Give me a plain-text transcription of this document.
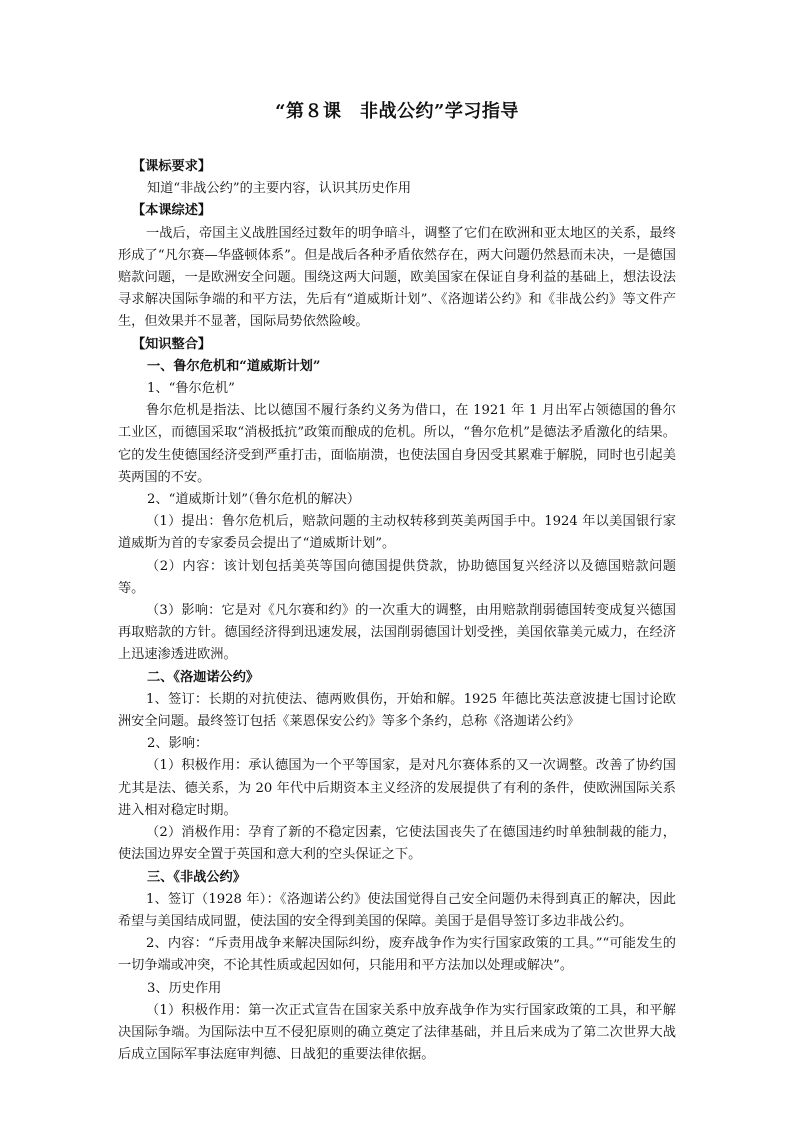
“第８课　非战公约”学习指导

【课标要求】

知道“非战公约”的主要内容，认识其历史作用

【本课综述】

一战后，帝国主义战胜国经过数年的明争暗斗，调整了它们在欧洲和亚太地区的关系，最终形成了“凡尔赛—华盛顿体系”。但是战后各种矛盾依然存在，两大问题仍然悬而未决，一是德国赔款问题，一是欧洲安全问题。围绕这两大问题，欧美国家在保证自身利益的基础上，想法设法寻求解决国际争端的和平方法，先后有“道威斯计划”、《洛迦诺公约》和《非战公约》等文件产生，但效果并不显著，国际局势依然险峻。

【知识整合】

一、鲁尔危机和“道威斯计划”

1、“鲁尔危机”

鲁尔危机是指法、比以德国不履行条约义务为借口，在 1921 年 1 月出军占领德国的鲁尔工业区，而德国采取“消极抵抗”政策而酿成的危机。所以，“鲁尔危机”是德法矛盾激化的结果。它的发生使德国经济受到严重打击，面临崩溃，也使法国自身因受其累难于解脱，同时也引起美英两国的不安。

2、“道威斯计划”（鲁尔危机的解决）

（1）提出：鲁尔危机后，赔款问题的主动权转移到英美两国手中。1924 年以美国银行家道威斯为首的专家委员会提出了“道威斯计划”。

（2）内容：该计划包括美英等国向德国提供贷款，协助德国复兴经济以及德国赔款问题等。

（3）影响：它是对《凡尔赛和约》的一次重大的调整，由用赔款削弱德国转变成复兴德国再取赔款的方针。德国经济得到迅速发展，法国削弱德国计划受挫，美国依靠美元威力，在经济上迅速渗透进欧洲。

二、《洛迦诺公约》

1、签订：长期的对抗使法、德两败俱伤，开始和解。1925 年德比英法意波捷七国讨论欧洲安全问题。最终签订包括《莱恩保安公约》等多个条约，总称《洛迦诺公约》

2、影响：

（1）积极作用：承认德国为一个平等国家，是对凡尔赛体系的又一次调整。改善了协约国尤其是法、德关系，为 20 年代中后期资本主义经济的发展提供了有利的条件，使欧洲国际关系进入相对稳定时期。

（2）消极作用：孕育了新的不稳定因素，它使法国丧失了在德国违约时单独制裁的能力，使法国边界安全置于英国和意大利的空头保证之下。

三、《非战公约》

1、签订（1928 年）：《洛迦诺公约》使法国觉得自己安全问题仍未得到真正的解决，因此希望与美国结成同盟，使法国的安全得到美国的保障。美国于是倡导签订多边非战公约。

2、内容：“斥责用战争来解决国际纠纷，废弃战争作为实行国家政策的工具。”“可能发生的一切争端或冲突，不论其性质或起因如何，只能用和平方法加以处理或解决”。

3、历史作用

（1）积极作用：第一次正式宣告在国家关系中放弃战争作为实行国家政策的工具，和平解决国际争端。为国际法中互不侵犯原则的确立奠定了法律基础，并且后来成为了第二次世界大战后成立国际军事法庭审判德、日战犯的重要法律依据。
